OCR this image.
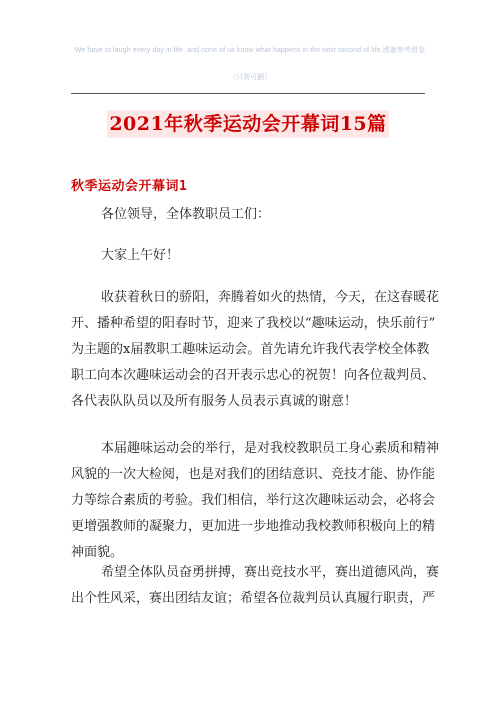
We have to laugh every day in life, and none of us know what happens in the next second of life.感谢参考借鉴
（只需可删）
2021年秋季运动会开幕词15篇
秋季运动会开幕词1
各位领导，全体教职员工们：
大家上午好！
收获着秋日的骄阳，奔腾着如火的热情，今天，在这春暖花
开、播种希望的阳春时节，迎来了我校以“趣味运动，快乐前行”
为主题的x届教职工趣味运动会。首先请允许我代表学校全体教
职工向本次趣味运动会的召开表示忠心的祝贺！向各位裁判员、
各代表队队员以及所有服务人员表示真诚的谢意！
本届趣味运动会的举行，是对我校教职员工身心素质和精神
风貌的一次大检阅，也是对我们的团结意识、竞技才能、协作能
力等综合素质的考验。我们相信，举行这次趣味运动会，必将会
更增强教师的凝聚力，更加进一步地推动我校教师积极向上的精
神面貌。
希望全体队员奋勇拼搏，赛出竞技水平，赛出道德风尚，赛
出个性风采，赛出团结友谊；希望各位裁判员认真履行职责，严
